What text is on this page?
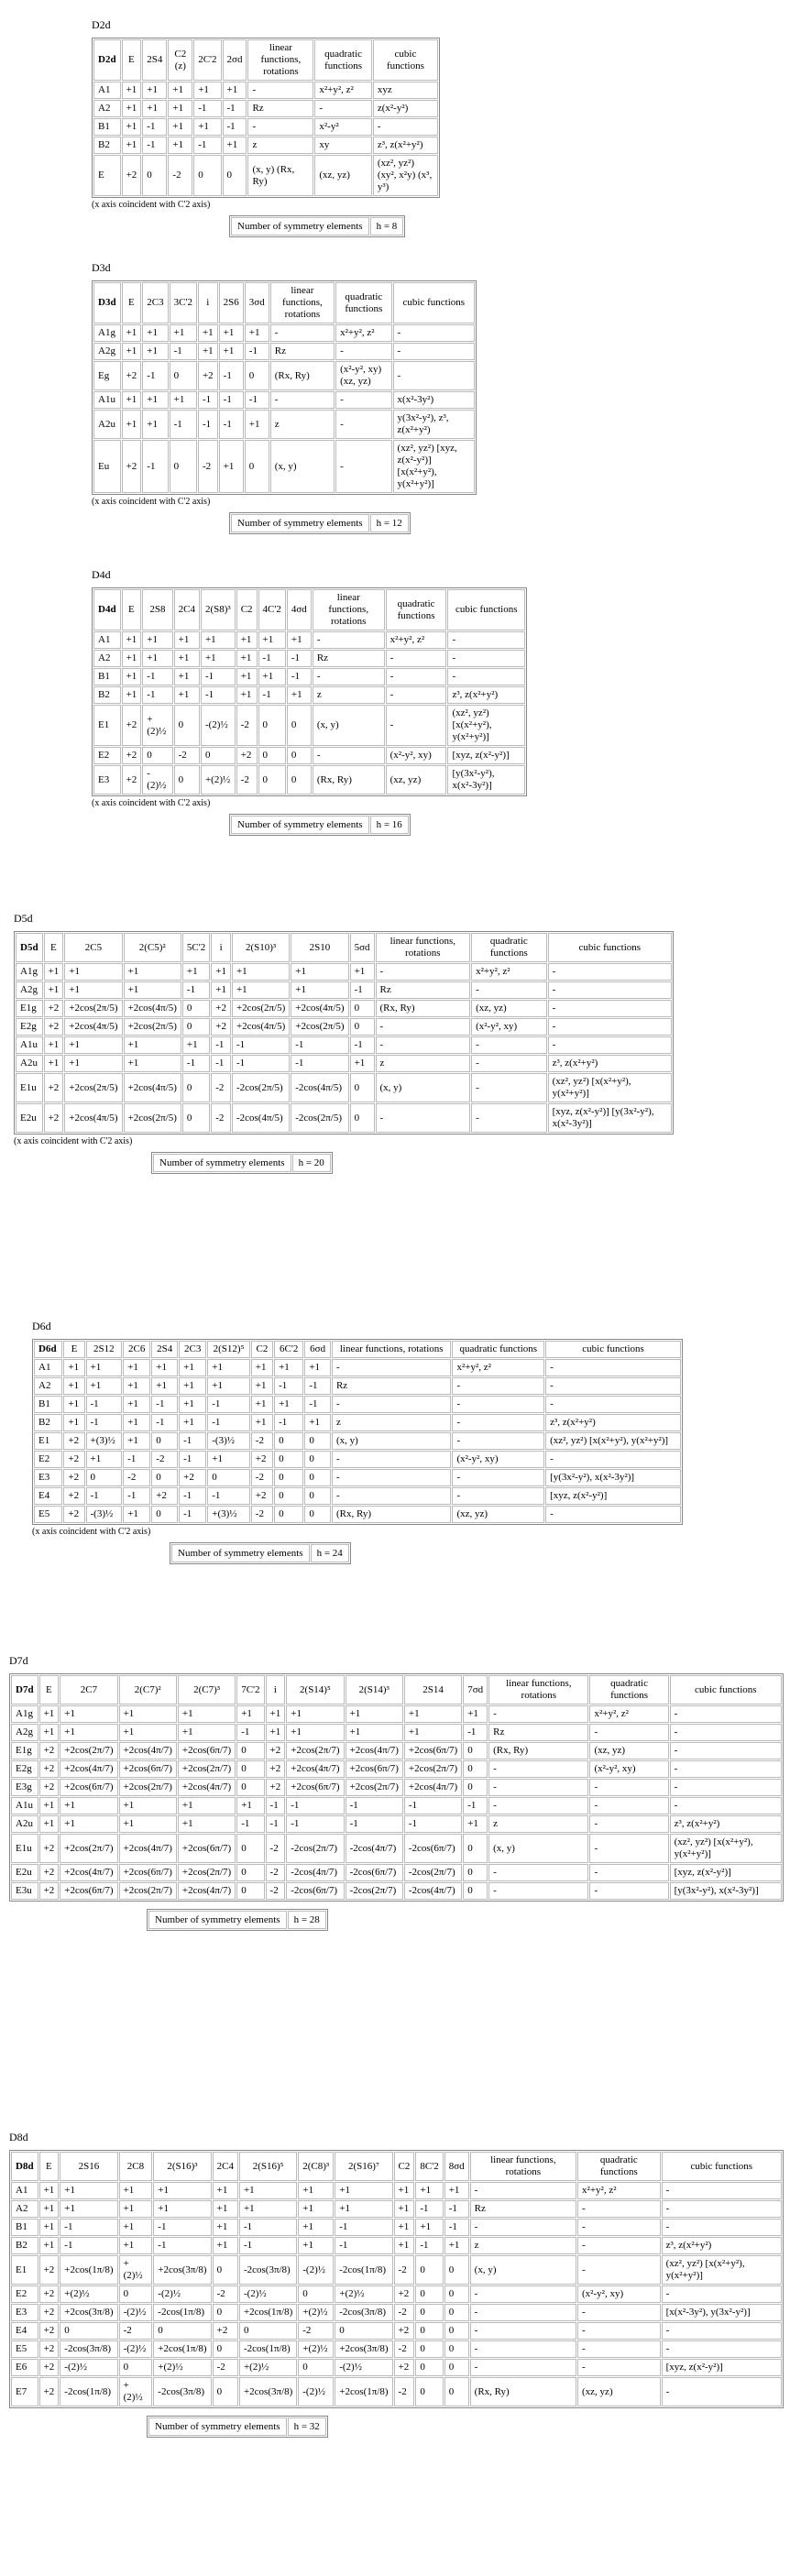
D2d
D2d	E	2S4	C2 (z)	2C'2	2σd	linear functions, rotations	quadratic functions	cubic functions
A1	+1	+1	+1	+1	+1	-	x²+y², z²	xyz
A2	+1	+1	+1	-1	-1	Rz	-	z(x²-y²)
B1	+1	-1	+1	+1	-1	-	x²-y²	-
B2	+1	-1	+1	-1	+1	z	xy	z³, z(x²+y²)
E	+2	0	-2	0	0	(x, y) (Rx, Ry)	(xz, yz)	(xz², yz²) (xy², x²y) (x³, y³)
(x axis coincident with C'2 axis)
Number of symmetry elements	h = 8
D3d
D3d	E	2C3	3C'2	i	2S6	3σd	linear functions, rotations	quadratic functions	cubic functions
A1g	+1	+1	+1	+1	+1	+1	-	x²+y², z²	-
A2g	+1	+1	-1	+1	+1	-1	Rz	-	-
Eg	+2	-1	0	+2	-1	0	(Rx, Ry)	(x²-y², xy) (xz, yz)	-
A1u	+1	+1	+1	-1	-1	-1	-	-	x(x²-3y²)
A2u	+1	+1	-1	-1	-1	+1	z	-	y(3x²-y²), z³, z(x²+y²)
Eu	+2	-1	0	-2	+1	0	(x, y)	-	(xz², yz²) [xyz, z(x²-y²)] [x(x²+y²), y(x²+y²)]
(x axis coincident with C'2 axis)
Number of symmetry elements	h = 12
D4d
D4d	E	2S8	2C4	2(S8)³	C2	4C'2	4σd	linear functions, rotations	quadratic functions	cubic functions
A1	+1	+1	+1	+1	+1	+1	+1	-	x²+y², z²	-
A2	+1	+1	+1	+1	+1	-1	-1	Rz	-	-
B1	+1	-1	+1	-1	+1	+1	-1	-	-	-
B2	+1	-1	+1	-1	+1	-1	+1	z	-	z³, z(x²+y²)
E1	+2	+(2)½	0	-(2)½	-2	0	0	(x, y)	-	(xz², yz²) [x(x²+y²), y(x²+y²)]
E2	+2	0	-2	0	+2	0	0	-	(x²-y², xy)	[xyz, z(x²-y²)]
E3	+2	-(2)½	0	+(2)½	-2	0	0	(Rx, Ry)	(xz, yz)	[y(3x²-y²), x(x²-3y²)]
(x axis coincident with C'2 axis)
Number of symmetry elements	h = 16
D5d
D5d	E	2C5	2(C5)²	5C'2	i	2(S10)³	2S10	5σd	linear functions, rotations	quadratic functions	cubic functions
A1g	+1	+1	+1	+1	+1	+1	+1	+1	-	x²+y², z²	-
A2g	+1	+1	+1	-1	+1	+1	+1	-1	Rz	-	-
E1g	+2	+2cos(2π/5)	+2cos(4π/5)	0	+2	+2cos(2π/5)	+2cos(4π/5)	0	(Rx, Ry)	(xz, yz)	-
E2g	+2	+2cos(4π/5)	+2cos(2π/5)	0	+2	+2cos(4π/5)	+2cos(2π/5)	0	-	(x²-y², xy)	-
A1u	+1	+1	+1	+1	-1	-1	-1	-1	-	-	-
A2u	+1	+1	+1	-1	-1	-1	-1	+1	z	-	z³, z(x²+y²)
E1u	+2	+2cos(2π/5)	+2cos(4π/5)	0	-2	-2cos(2π/5)	-2cos(4π/5)	0	(x, y)	-	(xz², yz²) [x(x²+y²), y(x²+y²)]
E2u	+2	+2cos(4π/5)	+2cos(2π/5)	0	-2	-2cos(4π/5)	-2cos(2π/5)	0	-	-	[xyz, z(x²-y²)] [y(3x²-y²), x(x²-3y²)]
(x axis coincident with C'2 axis)
Number of symmetry elements	h = 20
D6d
D6d	E	2S12	2C6	2S4	2C3	2(S12)⁵	C2	6C'2	6σd	linear functions, rotations	quadratic functions	cubic functions
A1	+1	+1	+1	+1	+1	+1	+1	+1	+1	-	x²+y², z²	-
A2	+1	+1	+1	+1	+1	+1	+1	-1	-1	Rz	-	-
B1	+1	-1	+1	-1	+1	-1	+1	+1	-1	-	-	-
B2	+1	-1	+1	-1	+1	-1	+1	-1	+1	z	-	z³, z(x²+y²)
E1	+2	+(3)½	+1	0	-1	-(3)½	-2	0	0	(x, y)	-	(xz², yz²) [x(x²+y²), y(x²+y²)]
E2	+2	+1	-1	-2	-1	+1	+2	0	0	-	(x²-y², xy)	-
E3	+2	0	-2	0	+2	0	-2	0	0	-	-	[y(3x²-y²), x(x²-3y²)]
E4	+2	-1	-1	+2	-1	-1	+2	0	0	-	-	[xyz, z(x²-y²)]
E5	+2	-(3)½	+1	0	-1	+(3)½	-2	0	0	(Rx, Ry)	(xz, yz)	-
(x axis coincident with C'2 axis)
Number of symmetry elements	h = 24
D7d
D7d	E	2C7	2(C7)²	2(C7)³	7C'2	i	2(S14)⁵	2(S14)³	2S14	7σd	linear functions, rotations	quadratic functions	cubic functions
A1g	+1	+1	+1	+1	+1	+1	+1	+1	+1	+1	-	x²+y², z²	-
A2g	+1	+1	+1	+1	-1	+1	+1	+1	+1	-1	Rz	-	-
E1g	+2	+2cos(2π/7)	+2cos(4π/7)	+2cos(6π/7)	0	+2	+2cos(2π/7)	+2cos(4π/7)	+2cos(6π/7)	0	(Rx, Ry)	(xz, yz)	-
E2g	+2	+2cos(4π/7)	+2cos(6π/7)	+2cos(2π/7)	0	+2	+2cos(4π/7)	+2cos(6π/7)	+2cos(2π/7)	0	-	(x²-y², xy)	-
E3g	+2	+2cos(6π/7)	+2cos(2π/7)	+2cos(4π/7)	0	+2	+2cos(6π/7)	+2cos(2π/7)	+2cos(4π/7)	0	-	-	-
A1u	+1	+1	+1	+1	+1	-1	-1	-1	-1	-1	-	-	-
A2u	+1	+1	+1	+1	-1	-1	-1	-1	-1	+1	z	-	z³, z(x²+y²)
E1u	+2	+2cos(2π/7)	+2cos(4π/7)	+2cos(6π/7)	0	-2	-2cos(2π/7)	-2cos(4π/7)	-2cos(6π/7)	0	(x, y)	-	(xz², yz²) [x(x²+y²), y(x²+y²)]
E2u	+2	+2cos(4π/7)	+2cos(6π/7)	+2cos(2π/7)	0	-2	-2cos(4π/7)	-2cos(6π/7)	-2cos(2π/7)	0	-	-	[xyz, z(x²-y²)]
E3u	+2	+2cos(6π/7)	+2cos(2π/7)	+2cos(4π/7)	0	-2	-2cos(6π/7)	-2cos(2π/7)	-2cos(4π/7)	0	-	-	[y(3x²-y²), x(x²-3y²)]
Number of symmetry elements	h = 28
D8d
D8d	E	2S16	2C8	2(S16)³	2C4	2(S16)⁵	2(C8)³	2(S16)⁷	C2	8C'2	8σd	linear functions, rotations	quadratic functions	cubic functions
A1	+1	+1	+1	+1	+1	+1	+1	+1	+1	+1	+1	-	x²+y², z²	-
A2	+1	+1	+1	+1	+1	+1	+1	+1	+1	-1	-1	Rz	-	-
B1	+1	-1	+1	-1	+1	-1	+1	-1	+1	+1	-1	-	-	-
B2	+1	-1	+1	-1	+1	-1	+1	-1	+1	-1	+1	z	-	z³, z(x²+y²)
E1	+2	+2cos(1π/8)	+(2)½	+2cos(3π/8)	0	-2cos(3π/8)	-(2)½	-2cos(1π/8)	-2	0	0	(x, y)	-	(xz², yz²) [x(x²+y²), y(x²+y²)]
E2	+2	+(2)½	0	-(2)½	-2	-(2)½	0	+(2)½	+2	0	0	-	(x²-y², xy)	-
E3	+2	+2cos(3π/8)	-(2)½	-2cos(1π/8)	0	+2cos(1π/8)	+(2)½	-2cos(3π/8)	-2	0	0	-	-	[x(x²-3y²), y(3x²-y²)]
E4	+2	0	-2	0	+2	0	-2	0	+2	0	0	-	-	-
E5	+2	-2cos(3π/8)	-(2)½	+2cos(1π/8)	0	-2cos(1π/8)	+(2)½	+2cos(3π/8)	-2	0	0	-	-	-
E6	+2	-(2)½	0	+(2)½	-2	+(2)½	0	-(2)½	+2	0	0	-	-	[xyz, z(x²-y²)]
E7	+2	-2cos(1π/8)	+(2)½	-2cos(3π/8)	0	+2cos(3π/8)	-(2)½	+2cos(1π/8)	-2	0	0	(Rx, Ry)	(xz, yz)	-
Number of symmetry elements	h = 32
